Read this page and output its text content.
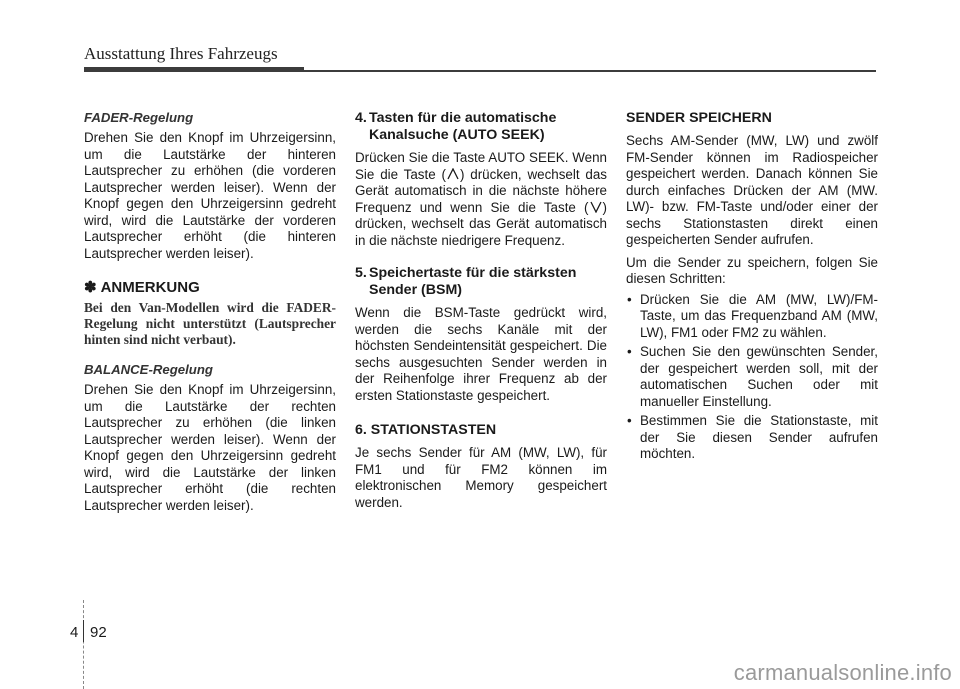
Ausstattung Ihres Fahrzeugs
FADER-Regelung

Drehen Sie den Knopf im Uhrzeigersinn, um die Lautstärke der hinteren Lautsprecher zu erhöhen (die vorderen Lautsprecher werden leiser). Wenn der Knopf gegen den Uhrzeigersinn gedreht wird, wird die Lautstärke der vorderen Lautsprecher erhöht (die hinteren Lautsprecher werden leiser).

✽ ANMERKUNG
Bei den Van-Modellen wird die FADER-Regelung nicht unterstützt (Lautsprecher hinten sind nicht verbaut).
BALANCE-Regelung

Drehen Sie den Knopf im Uhrzeigersinn, um die Lautstärke der rechten Lautsprecher zu erhöhen (die linken Lautsprecher werden leiser). Wenn der Knopf gegen den Uhrzeigersinn gedreht wird, wird die Lautstärke der linken Lautsprecher erhöht (die rechten Lautsprecher werden leiser).

4. Tasten für die automatische
Kanalsuche (AUTO SEEK)

Drücken Sie die Taste AUTO SEEK. Wenn Sie die Taste ( ) drücken, wechselt das Gerät automatisch in die nächste höhere Frequenz und wenn Sie die Taste ( ) drücken, wechselt das Gerät automatisch in die nächste niedrigere Frequenz.

5. Speichertaste für die stärksten
Sender (BSM)

Wenn die BSM-Taste gedrückt wird, werden die sechs Kanäle mit der höchsten Sendeintensität gespeichert. Die sechs ausgesuchten Sender werden in der Reihenfolge ihrer Frequenz ab der ersten Stationstaste gespeichert.

6. STATIONSTASTEN

Je sechs Sender für AM (MW, LW), für FM1 und für FM2 können im elektronischen Memory gespeichert werden.

SENDER SPEICHERN

Sechs AM-Sender (MW, LW) und zwölf FM-Sender können im Radiospeicher gespeichert werden. Danach können Sie durch einfaches Drücken der AM (MW. LW)- bzw. FM-Taste und/oder einer der sechs Stationstasten direkt einen gespeicherten Sender aufrufen.

Um die Sender zu speichern, folgen Sie diesen Schritten:

• Drücken Sie die AM (MW, LW)/FM-Taste, um das Frequenzband AM (MW, LW), FM1 oder FM2 zu wählen.
• Suchen Sie den gewünschten Sender, der gespeichert werden soll, mit der automatischen Suchen oder mit manueller Einstellung.
• Bestimmen Sie die Stationstaste, mit der Sie diesen Sender aufrufen möchten.
4 92
carmanualsonline.info
